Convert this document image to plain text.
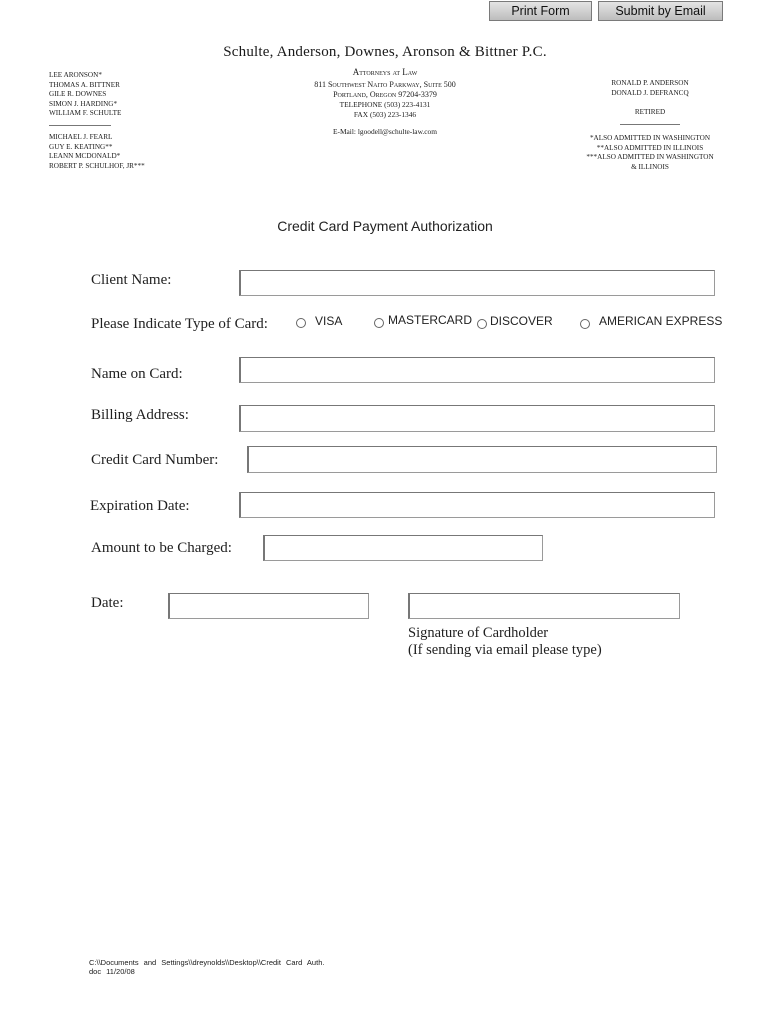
Print Form	Submit by Email
Schulte, Anderson, Downes, Aronson & Bittner P.C.
LEE ARONSON*
THOMAS A. BITTNER
GILE R. DOWNES
SIMON J. HARDING*
WILLIAM F. SCHULTE
MICHAEL J. FEARL
GUY E. KEATING**
LEANN MCDONALD*
ROBERT P. SCHULHOF, JR***
Attorneys at Law
811 Southwest Naito Parkway, Suite 500
Portland, Oregon 97204-3379
TELEPHONE (503) 223-4131
FAX (503) 223-1346
E-Mail: lgoodell@schulte-law.com
RONALD P. ANDERSON
DONALD J. DEFRANCQ
RETIRED
*ALSO ADMITTED IN WASHINGTON
**ALSO ADMITTED IN ILLINOIS
***ALSO ADMITTED IN WASHINGTON
& ILLINOIS
Credit Card Payment Authorization
Client Name:
Please Indicate Type of Card:	VISA	MASTERCARD DISCOVER	AMERICAN EXPRESS
Name on Card:
Billing Address:
Credit Card Number:
Expiration Date:
Amount to be Charged:
Date:
Signature of Cardholder
(If sending via email please type)
C:\\Documents and Settings\\dreynolds\\Desktop\\Credit Card Auth.
doc 11/20/08
